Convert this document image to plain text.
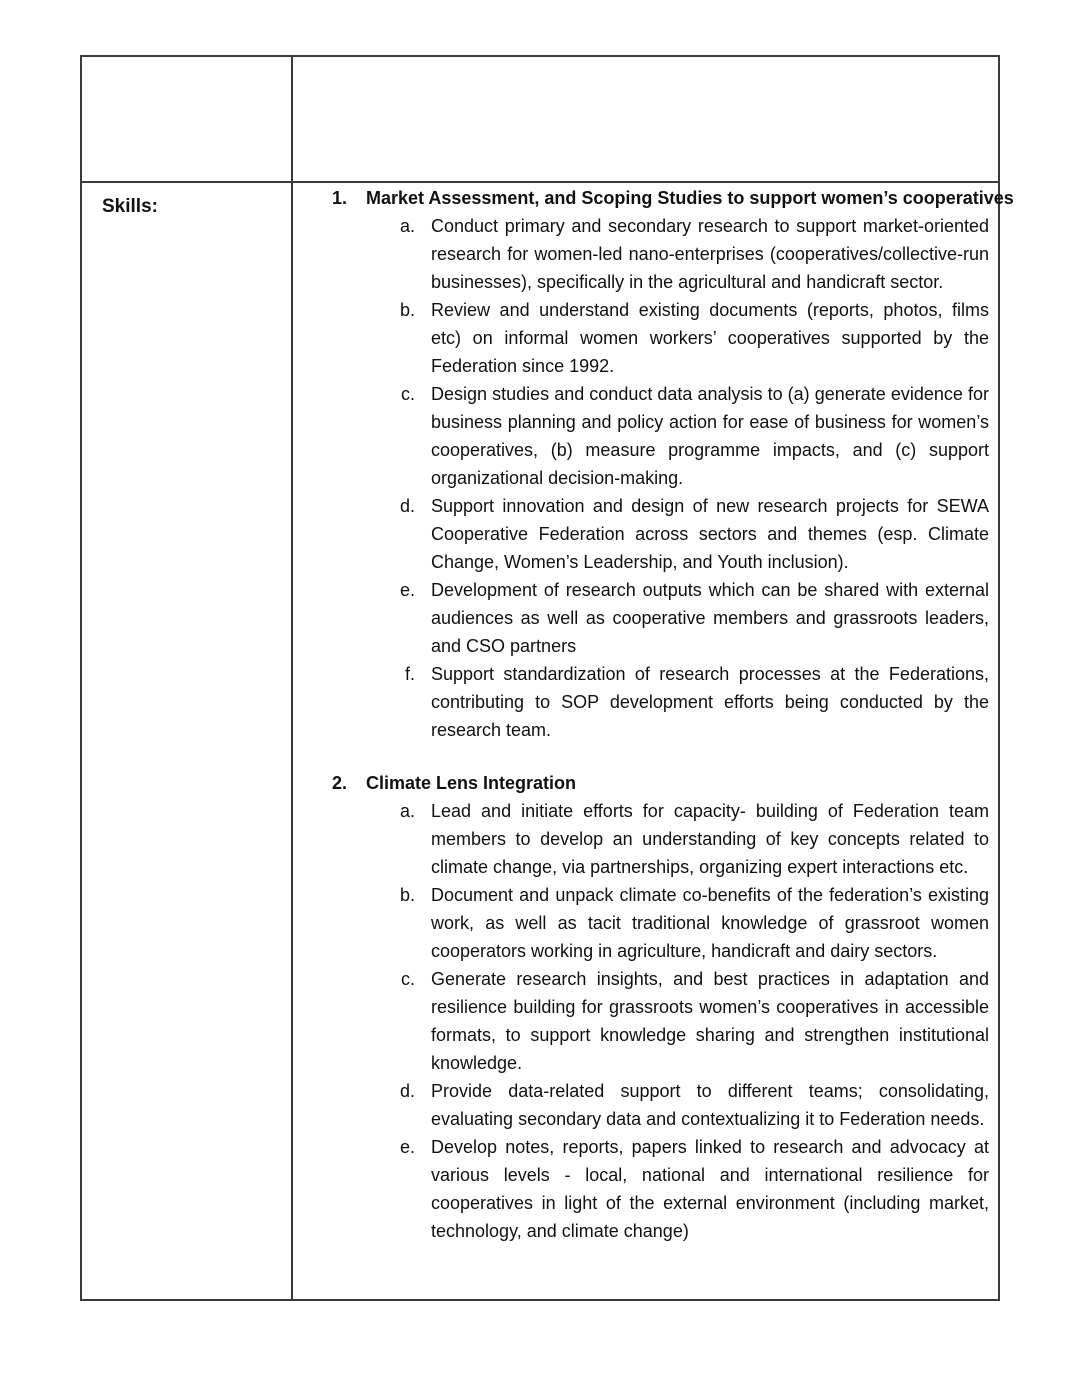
Skills:	1.	Market Assessment, and Scoping Studies to support women’s cooperatives
a. Conduct primary and secondary research to support market-oriented research for women-led nano-enterprises (cooperatives/collective-run businesses), specifically in the agricultural and handicraft sector.
b. Review and understand existing documents (reports, photos, films etc) on informal women workers’ cooperatives supported by the Federation since 1992.
c. Design studies and conduct data analysis to (a) generate evidence for business planning and policy action for ease of business for women’s cooperatives, (b) measure programme impacts, and (c) support organizational decision-making.
d. Support innovation and design of new research projects for SEWA Cooperative Federation across sectors and themes (esp. Climate Change, Women’s Leadership, and Youth inclusion).
e. Development of research outputs which can be shared with external audiences as well as cooperative members and grassroots leaders, and CSO partners
f. Support standardization of research processes at the Federations, contributing to SOP development efforts being conducted by the research team.
2.	Climate Lens Integration
a. Lead and initiate efforts for capacity- building of Federation team members to develop an understanding of key concepts related to climate change, via partnerships, organizing expert interactions etc.
b. Document and unpack climate co-benefits of the federation’s existing work, as well as tacit traditional knowledge of grassroot women cooperators working in agriculture, handicraft and dairy sectors.
c. Generate research insights, and best practices in adaptation and resilience building for grassroots women’s cooperatives in accessible formats, to support knowledge sharing and strengthen institutional knowledge.
d. Provide data-related support to different teams; consolidating, evaluating secondary data and contextualizing it to Federation needs.
e. Develop notes, reports, papers linked to research and advocacy at various levels - local, national and international resilience for cooperatives in light of the external environment (including market, technology, and climate change)
